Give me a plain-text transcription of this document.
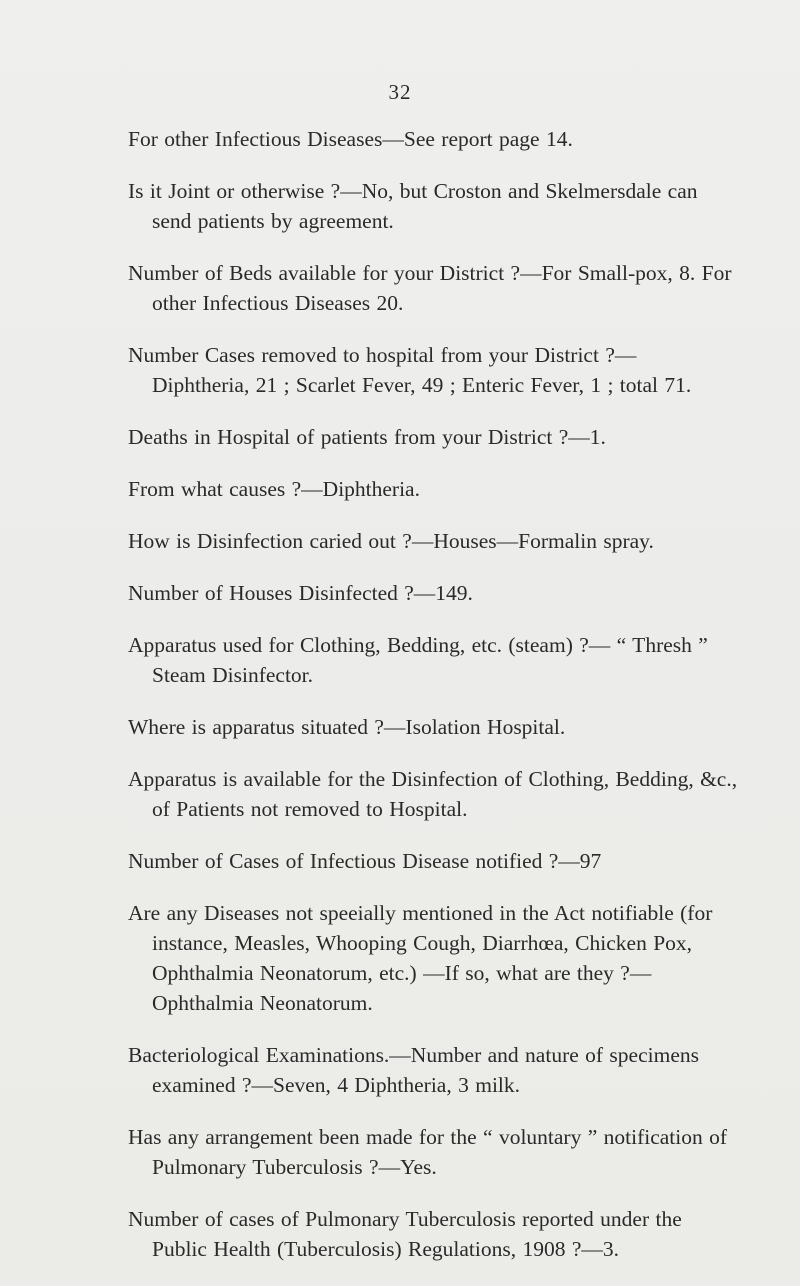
32

For other Infectious Diseases—See report page 14.

Is it Joint or otherwise ?—No, but Croston and Skelmersdale can send patients by agreement.

Number of Beds available for your District ?—For Small-pox, 8. For other Infectious Diseases 20.

Number Cases removed to hospital from your District ?— Diphtheria, 21 ; Scarlet Fever, 49 ; Enteric Fever, 1 ; total 71.

Deaths in Hospital of patients from your District ?—1.

From what causes ?—Diphtheria.

How is Disinfection caried out ?—Houses—Formalin spray.

Number of Houses Disinfected ?—149.

Apparatus used for Clothing, Bedding, etc. (steam) ?— “ Thresh ” Steam Disinfector.

Where is apparatus situated ?—Isolation Hospital.

Apparatus is available for the Disinfection of Clothing, Bedding, &c., of Patients not removed to Hospital.

Number of Cases of Infectious Disease notified ?—97

Are any Diseases not speeially mentioned in the Act notifiable (for instance, Measles, Whooping Cough, Diarrhœa, Chicken Pox, Ophthalmia Neonatorum, etc.) —If so, what are they ?—Ophthalmia Neonatorum.

Bacteriological Examinations.—Number and nature of specimens examined ?—Seven, 4 Diphtheria, 3 milk.

Has any arrangement been made for the “ voluntary ” notification of Pulmonary Tuberculosis ?—Yes.

Number of cases of Pulmonary Tuberculosis reported under the Public Health (Tuberculosis) Regulations, 1908 ?—3.
